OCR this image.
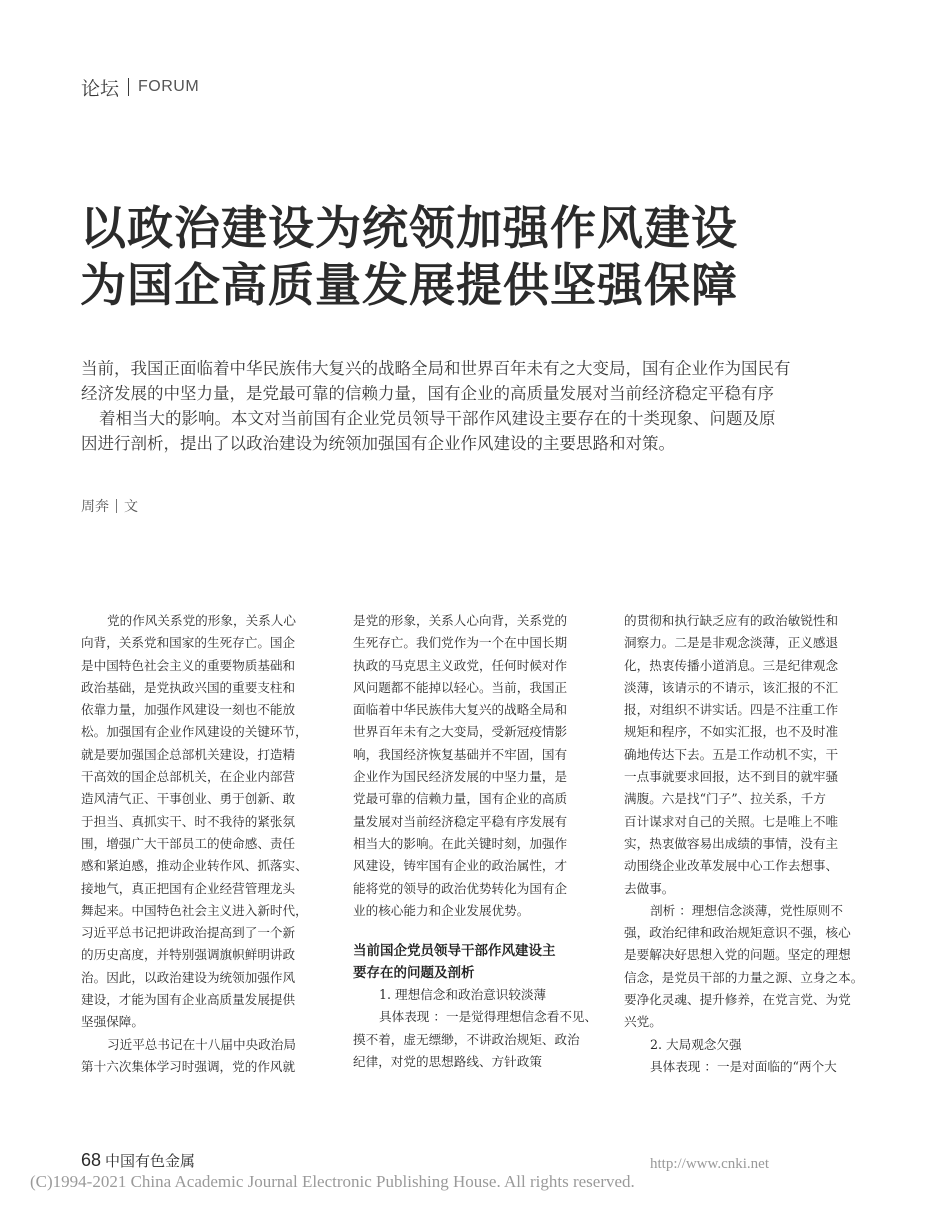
论坛 FORUM
以政治建设为统领加强作风建设
为国企高质量发展提供坚强保障
当前，我国正面临着中华民族伟大复兴的战略全局和世界百年未有之大变局，国有企业作为国民有
经济发展的中坚力量，是党最可靠的信赖力量，国有企业的高质量发展对当前经济稳定平稳有序
着相当大的影响。本文对当前国有企业党员领导干部作风建设主要存在的十类现象、问题及原
因进行剖析，提出了以政治建设为统领加强国有企业作风建设的主要思路和对策。
周奔 文
党的作风关系党的形象，关系人心
向背，关系党和国家的生死存亡。国企
是中国特色社会主义的重要物质基础和
政治基础，是党执政兴国的重要支柱和
依靠力量，加强作风建设一刻也不能放
松。加强国有企业作风建设的关键环节，
就是要加强国企总部机关建设，打造精
干高效的国企总部机关，在企业内部营
造风清气正、干事创业、勇于创新、敢
于担当、真抓实干、时不我待的紧张氛
围，增强广大干部员工的使命感、责任
感和紧迫感，推动企业转作风、抓落实、
接地气，真正把国有企业经营管理龙头
舞起来。中国特色社会主义进入新时代，
习近平总书记把讲政治提高到了一个新
的历史高度，并特别强调旗帜鲜明讲政
治。因此，以政治建设为统领加强作风
建设，才能为国有企业高质量发展提供
坚强保障。
习近平总书记在十八届中央政治局
第十六次集体学习时强调，党的作风就
是党的形象，关系人心向背，关系党的
生死存亡。我们党作为一个在中国长期
执政的马克思主义政党，任何时候对作
风问题都不能掉以轻心。当前，我国正
面临着中华民族伟大复兴的战略全局和
世界百年未有之大变局，受新冠疫情影
响，我国经济恢复基础并不牢固，国有
企业作为国民经济发展的中坚力量，是
党最可靠的信赖力量，国有企业的高质
量发展对当前经济稳定平稳有序发展有
相当大的影响。在此关键时刻，加强作
风建设，铸牢国有企业的政治属性，才
能将党的领导的政治优势转化为国有企
业的核心能力和企业发展优势。
当前国企党员领导干部作风建设主
要存在的问题及剖析
1. 理想信念和政治意识较淡薄
具体表现 ：一是觉得理想信念看不见、
摸不着，虚无缥缈，不讲政治规矩、政治
纪律，对党的思想路线、方针政策
的贯彻和执行缺乏应有的政治敏锐性和
洞察力。二是是非观念淡薄，正义感退
化，热衷传播小道消息。三是纪律观念
淡薄，该请示的不请示，该汇报的不汇
报，对组织不讲实话。四是不注重工作
规矩和程序，不如实汇报，也不及时准
确地传达下去。五是工作动机不实，干
一点事就要求回报，达不到目的就牢骚
满腹。六是找“门子”、拉关系，千方
百计谋求对自己的关照。七是唯上不唯
实，热衷做容易出成绩的事情，没有主
动围绕企业改革发展中心工作去想事、
去做事。
剖析 ：理想信念淡薄，党性原则不
强，政治纪律和政治规矩意识不强，核心
是要解决好思想入党的问题。坚定的理想
信念，是党员干部的力量之源、立身之本。
要净化灵魂、提升修养，在党言党、为党
兴党。
2. 大局观念欠强
具体表现 ：一是对面临的“两个大
68 中国有色金属	http://www.cnki.net
(C)1994-2021 China Academic Journal Electronic Publishing House. All rights reserved.
